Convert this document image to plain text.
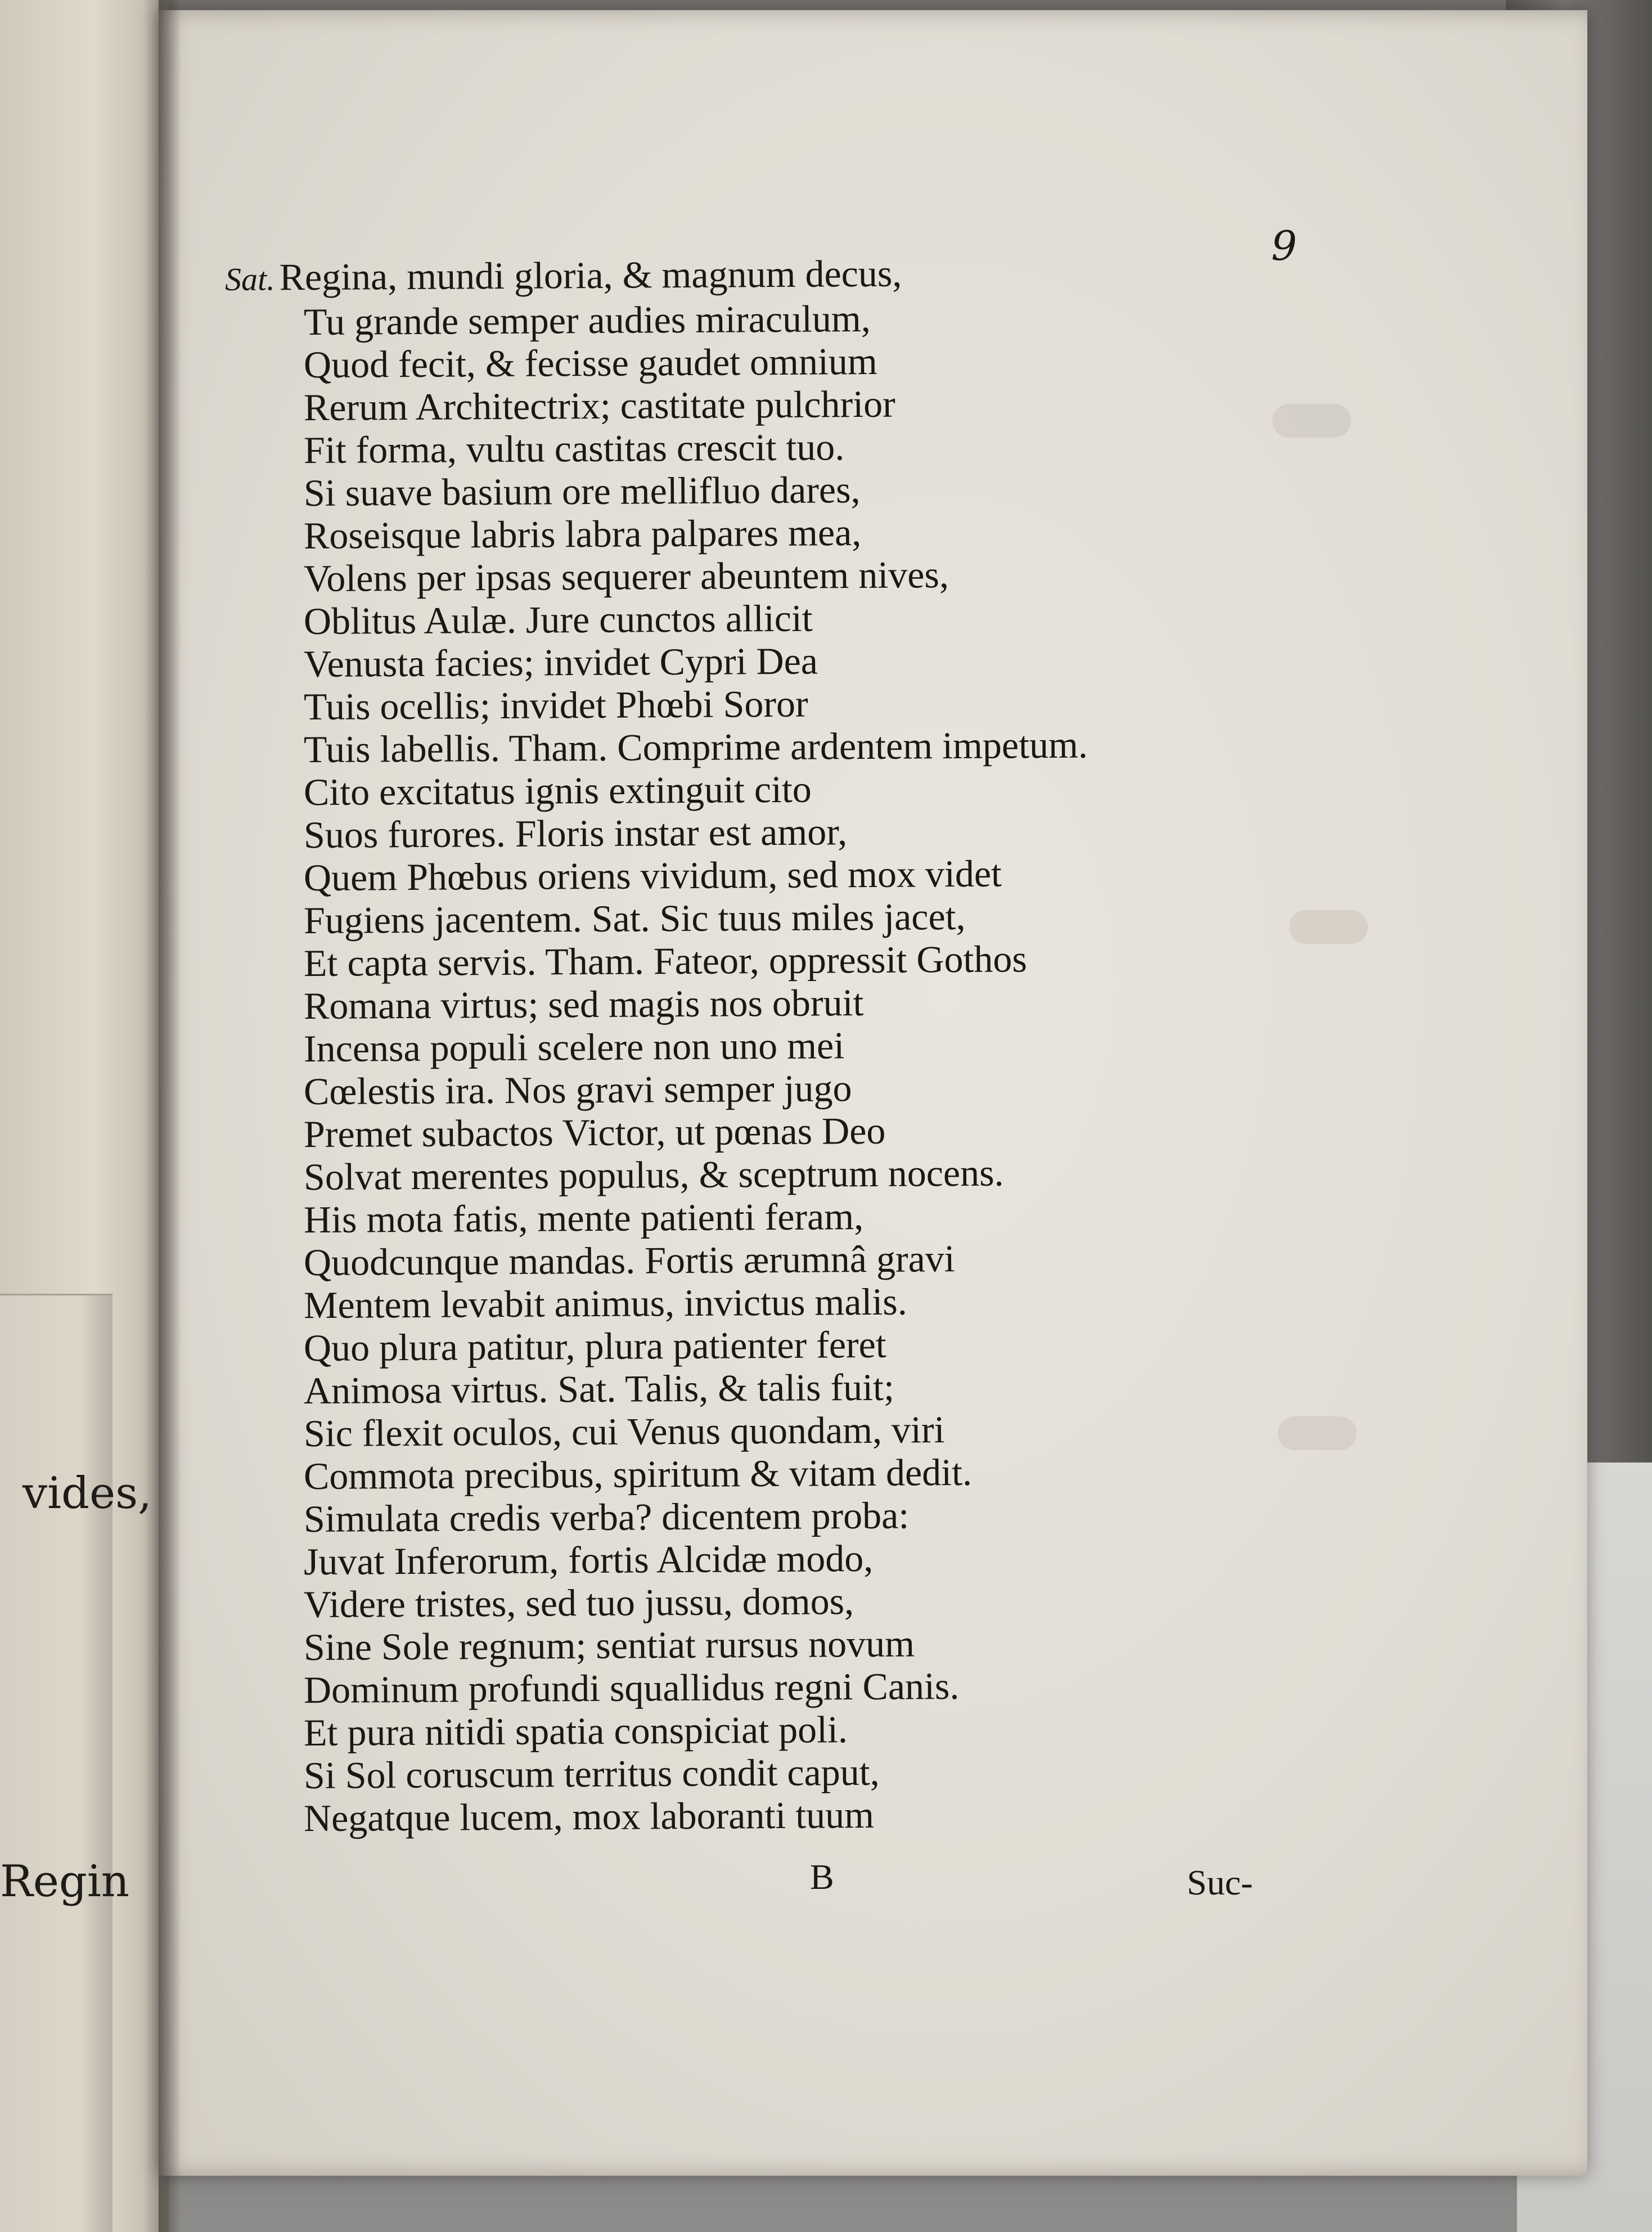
vides,
Regin
9
Sat. Regina, mundi gloria, & magnum decus,
Tu grande semper audies miraculum,
Quod fecit, & fecisse gaudet omnium
Rerum Architectrix; castitate pulchrior
Fit forma, vultu castitas crescit tuo.
Si suave basium ore mellifluo dares,
Roseisque labris labra palpares mea,
Volens per ipsas sequerer abeuntem nives,
Oblitus Aulæ. Jure cunctos allicit
Venusta facies; invidet Cypri Dea
Tuis ocellis; invidet Phœbi Soror
Tuis labellis. Tham. Comprime ardentem impetum.
Cito excitatus ignis extinguit cito
Suos furores. Floris instar est amor,
Quem Phœbus oriens vividum, sed mox videt
Fugiens jacentem. Sat. Sic tuus miles jacet,
Et capta servis. Tham. Fateor, oppressit Gothos
Romana virtus; sed magis nos obruit
Incensa populi scelere non uno mei
Cœlestis ira. Nos gravi semper jugo
Premet subactos Victor, ut pœnas Deo
Solvat merentes populus, & sceptrum nocens.
His mota fatis, mente patienti feram,
Quodcunque mandas. Fortis ærumnâ gravi
Mentem levabit animus, invictus malis.
Quo plura patitur, plura patienter feret
Animosa virtus. Sat. Talis, & talis fuit;
Sic flexit oculos, cui Venus quondam, viri
Commota precibus, spiritum & vitam dedit.
Simulata credis verba? dicentem proba:
Juvat Inferorum, fortis Alcidæ modo,
Videre tristes, sed tuo jussu, domos,
Sine Sole regnum; sentiat rursus novum
Dominum profundi squallidus regni Canis.
Et pura nitidi spatia conspiciat poli.
Si Sol coruscum territus condit caput,
Negatque lucem, mox laboranti tuum
B	Suc-
